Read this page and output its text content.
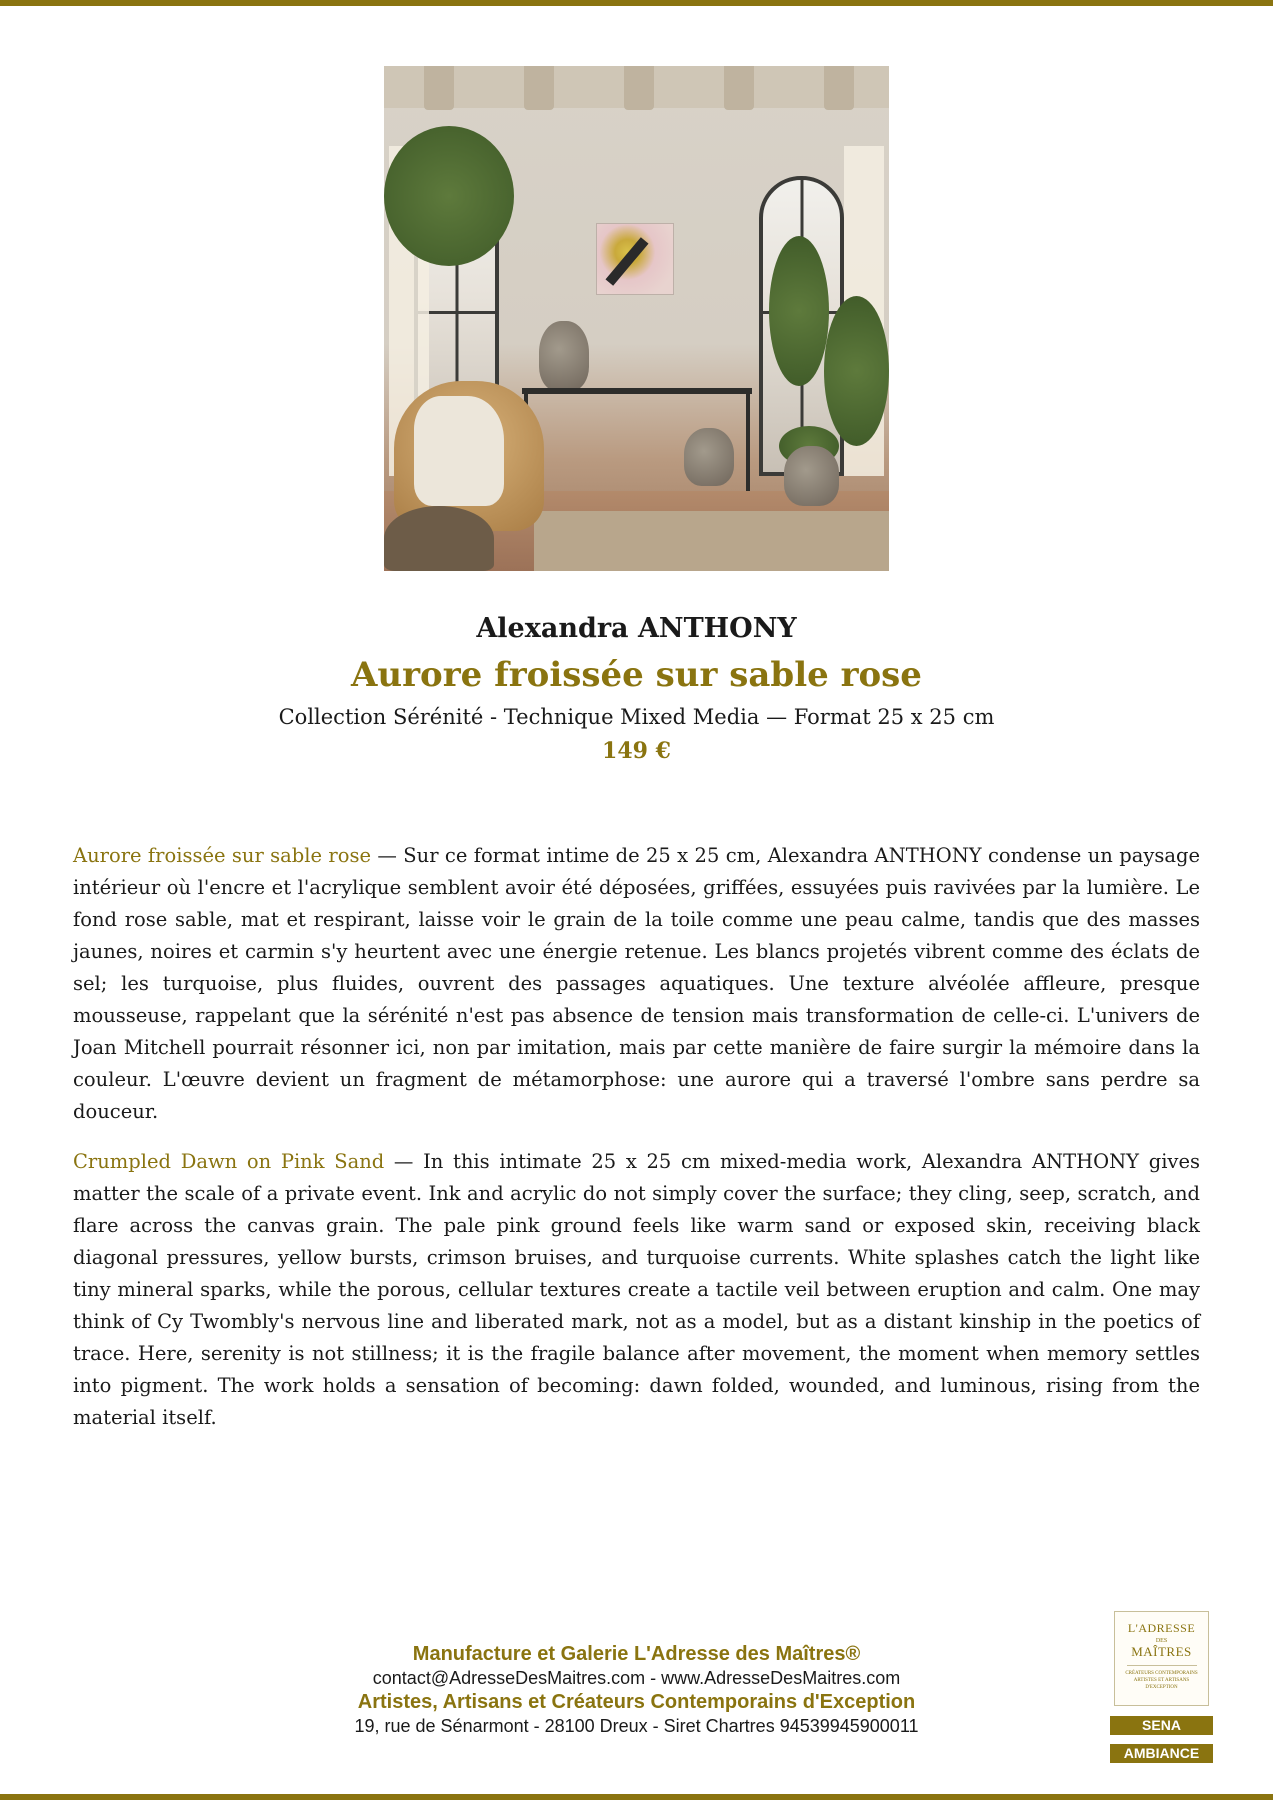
Alexandra ANTHONY
Aurore froissée sur sable rose
Collection Sérénité - Technique Mixed Media — Format 25 x 25 cm
149 €

Aurore froissée sur sable rose — Sur ce format intime de 25 x 25 cm, Alexandra ANTHONY condense un paysage intérieur où l'encre et l'acrylique semblent avoir été déposées, griffées, essuyées puis ravivées par la lumière. Le fond rose sable, mat et respirant, laisse voir le grain de la toile comme une peau calme, tandis que des masses jaunes, noires et carmin s'y heurtent avec une énergie retenue. Les blancs projetés vibrent comme des éclats de sel; les turquoise, plus fluides, ouvrent des passages aquatiques. Une texture alvéolée affleure, presque mousseuse, rappelant que la sérénité n'est pas absence de tension mais transformation de celle-ci. L'univers de Joan Mitchell pourrait résonner ici, non par imitation, mais par cette manière de faire surgir la mémoire dans la couleur. L'œuvre devient un fragment de métamorphose: une aurore qui a traversé l'ombre sans perdre sa douceur.

Crumpled Dawn on Pink Sand — In this intimate 25 x 25 cm mixed-media work, Alexandra ANTHONY gives matter the scale of a private event. Ink and acrylic do not simply cover the surface; they cling, seep, scratch, and flare across the canvas grain. The pale pink ground feels like warm sand or exposed skin, receiving black diagonal pressures, yellow bursts, crimson bruises, and turquoise currents. White splashes catch the light like tiny mineral sparks, while the porous, cellular textures create a tactile veil between eruption and calm. One may think of Cy Twombly's nervous line and liberated mark, not as a model, but as a distant kinship in the poetics of trace. Here, serenity is not stillness; it is the fragile balance after movement, the moment when memory settles into pigment. The work holds a sensation of becoming: dawn folded, wounded, and luminous, rising from the material itself.

Manufacture et Galerie L'Adresse des Maîtres®
contact@AdresseDesMaitres.com - www.AdresseDesMaitres.com
Artistes, Artisans et Créateurs Contemporains d'Exception
19, rue de Sénarmont - 28100 Dreux - Siret Chartres 94539945900011
L'ADRESSE
DES
MAÎTRES
CRÉATEURS CONTEMPORAINS ARTISTES ET ARTISANS D'EXCEPTION
SENA
AMBIANCE
